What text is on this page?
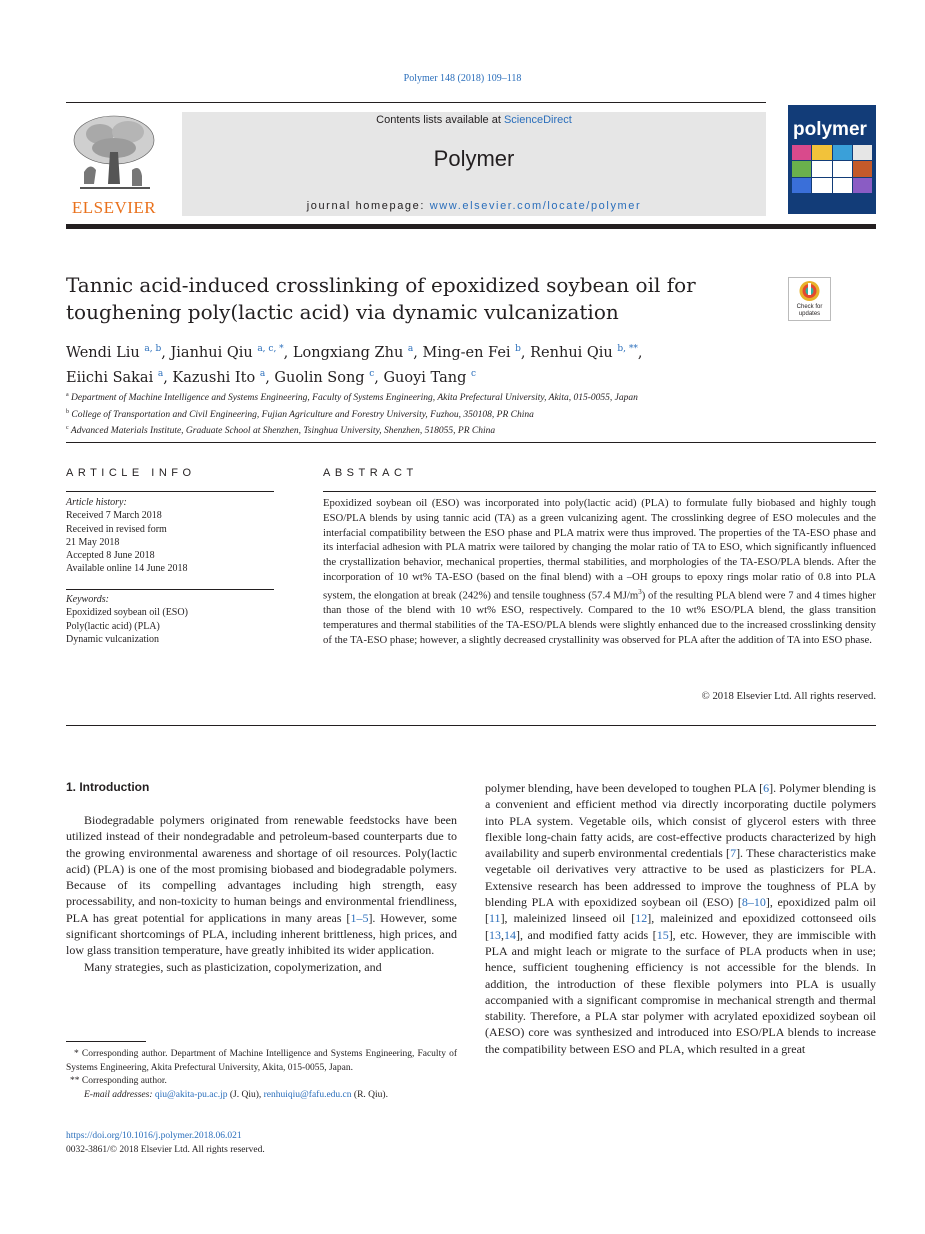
Polymer 148 (2018) 109–118
ELSEVIER
Contents lists available at ScienceDirect
Polymer
journal homepage: www.elsevier.com/locate/polymer
polymer
Tannic acid-induced crosslinking of epoxidized soybean oil for toughening poly(lactic acid) via dynamic vulcanization	Check for updates
Wendi Liu $^{a, b}$, Jianhui Qiu $^{a, c, *}$, Longxiang Zhu $^a$, Ming-en Fei $^b$, Renhui Qiu $^{b, **}$,
Eiichi Sakai $^a$, Kazushi Ito $^a$, Guolin Song $^c$, Guoyi Tang $^c$
$^a$ Department of Machine Intelligence and Systems Engineering, Faculty of Systems Engineering, Akita Prefectural University, Akita, 015-0055, Japan
$^b$ College of Transportation and Civil Engineering, Fujian Agriculture and Forestry University, Fuzhou, 350108, PR China
$^c$ Advanced Materials Institute, Graduate School at Shenzhen, Tsinghua University, Shenzhen, 518055, PR China
ARTICLE INFO	ABSTRACT
Article history:
Received 7 March 2018
Received in revised form
21 May 2018
Accepted 8 June 2018
Available online 14 June 2018
Keywords:
Epoxidized soybean oil (ESO)
Poly(lactic acid) (PLA)
Dynamic vulcanization
Epoxidized soybean oil (ESO) was incorporated into poly(lactic acid) (PLA) to formulate fully biobased and highly tough ESO/PLA blends by using tannic acid (TA) as a green vulcanizing agent. The crosslinking degree of ESO molecules and the interfacial compatibility between the ESO phase and PLA matrix were thus improved. The properties of the TA-ESO phase and its interfacial adhesion with PLA matrix were tailored by changing the molar ratio of TA to ESO, which significantly influenced the crystallization behavior, mechanical properties, thermal stabilities, and morphologies of the TA-ESO/PLA blends. After the incorporation of 10 wt% TA-ESO (based on the final blend) with a –OH groups to epoxy rings molar ratio of 0.8 into PLA system, the elongation at break (242%) and tensile toughness (57.4 $MJ/m^3$) of the resulting PLA blend were 7 and 4 times higher than those of the blend with 10 wt% ESO, respectively. Compared to the 10 wt% ESO/PLA blend, the glass transition temperatures and thermal stabilities of the TA-ESO/PLA blends were slightly enhanced due to the increased crosslinking density of the TA-ESO phase; however, a slightly decreased crystallinity was observed for PLA after the addition of TA into ESO phase.
© 2018 Elsevier Ltd. All rights reserved.
1. Introduction

Biodegradable polymers originated from renewable feedstocks have been utilized instead of their nondegradable and petroleum-based counterparts due to the growing environmental awareness and shortage of oil resources. Poly(lactic acid) (PLA) is one of the most promising biobased and biodegradable polymers. Because of its compelling advantages including high strength, easy processability, and non-toxicity to human beings and environmental friendliness, PLA has great potential for applications in many areas [1–5]. However, some significant shortcomings of PLA, including inherent brittleness, high prices, and low glass transition temperature, have greatly inhibited its wider application.

Many strategies, such as plasticization, copolymerization, and

polymer blending, have been developed to toughen PLA [6]. Polymer blending is a convenient and efficient method via directly incorporating ductile polymers into PLA system. Vegetable oils, which consist of glycerol esters with three flexible long-chain fatty acids, are cost-effective products characterized by high availability and superb environmental credentials [7]. These characteristics make vegetable oil derivatives very attractive to be used as plasticizers for PLA. Extensive research has been addressed to improve the toughness of PLA by blending PLA with epoxidized soybean oil (ESO) [8–10], epoxidized palm oil [11], maleinized linseed oil [12], maleinized and epoxidized cottonseed oils [13,14], and modified fatty acids [15], etc. However, they are immiscible with PLA and might leach or migrate to the surface of PLA products when in use; hence, sufficient toughening efficiency is not accessible for the blends. In addition, the introduction of these flexible polymers into PLA is usually accompanied with a significant compromise in mechanical strength and thermal stability. Therefore, a PLA star polymer with acrylated epoxidized soybean oil (AESO) core was synthesized and introduced into ESO/PLA blends to increase the compatibility between ESO and PLA, which resulted in a great

* Corresponding author. Department of Machine Intelligence and Systems Engineering, Faculty of Systems Engineering, Akita Prefectural University, Akita, 015-0055, Japan.

** Corresponding author.

E-mail addresses: qiu@akita-pu.ac.jp (J. Qiu), renhuiqiu@fafu.edu.cn (R. Qiu).

https://doi.org/10.1016/j.polymer.2018.06.021
0032-3861/© 2018 Elsevier Ltd. All rights reserved.
